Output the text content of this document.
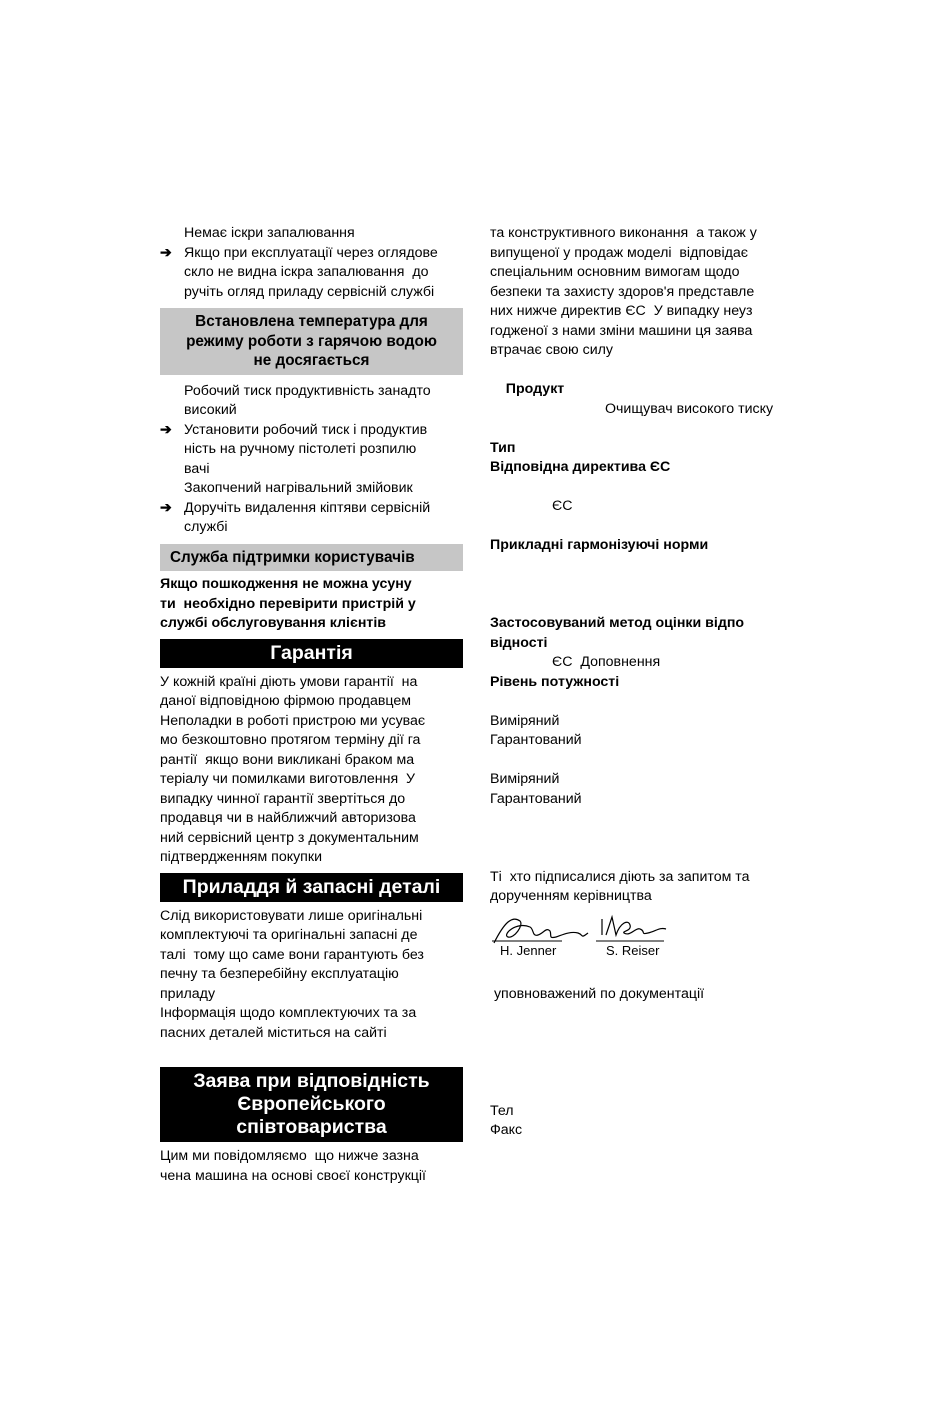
Немає іскри запалювання
➔ Якщо при експлуатації через оглядове
скло не видна іскра запалювання  до
ручіть огляд приладу сервісній службі
Встановлена температура для
режиму роботи з гарячою водою
не досягається
Робочий тиск продуктивність занадто
високий
➔ Установити робочий тиск і продуктив
ність на ручному пістолеті розпилю
вачі
Закопчений нагрівальний змійовик
➔ Доручіть видалення кіптяви сервісній
службі
Служба підтримки користувачів
Якщо пошкодження не можна усуну
ти  необхідно перевірити пристрій у
службі обслуговування клієнтів
Гарантія
У кожній країні діють умови гарантії  на
даної відповідною фірмою продавцем
Неполадки в роботі пристрою ми усуває
мо безкоштовно протягом терміну дії га
рантії  якщо вони викликані браком ма
теріалу чи помилками виготовлення  У
випадку чинної гарантії звертіться до
продавця чи в найближчий авторизова
ний сервісний центр з документальним
підтвердженням покупки
Приладдя й запасні деталі
Слід використовувати лише оригінальні
комплектуючі та оригінальні запасні де
талі  тому що саме вони гарантують без
печну та безперебійну експлуатацію
приладу
Інформація щодо комплектуючих та за
пасних деталей міститься на сайті
Заява при відповідність
Європейського
співтовариства
Цим ми повідомляємо  що нижче зазна
чена машина на основі своєї конструкції
та конструктивного виконання  а також у
випущеної у продаж моделі  відповідає
спеціальним основним вимогам щодо
безпеки та захисту здоров'я представле
них нижче директив ЄС  У випадку неуз
годженої з нами зміни машини ця заява
втрачає свою силу

Продукт

Очищувач високого тиску

Тип
Відповідна директива ЄС
ЄС
Прикладні гармонізуючі норми
Застосовуваний метод оцінки відпо
відності
ЄС  Доповнення
Рівень потужності
Виміряний
Гарантований
Виміряний
Гарантований
Ті  хто підписалися діють за запитом та
дорученням керівництва
H. Jenner	S. Reiser
уповноважений по документації
Тел
Факс
